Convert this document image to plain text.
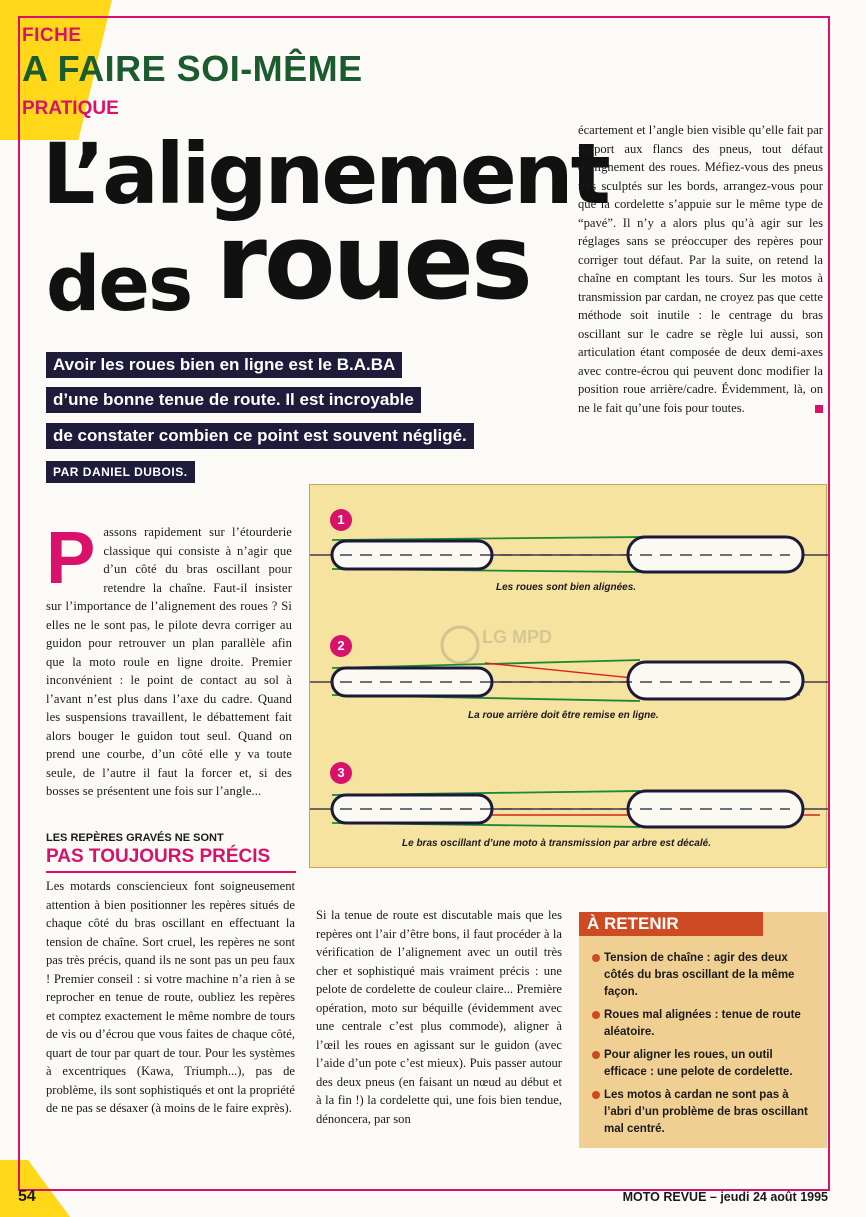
FICHE
A FAIRE SOI-MÊME
PRATIQUE
L’alignement
des roues
Avoir les roues bien en ligne est le B.A.BA
d’une bonne tenue de route. Il est incroyable
de constater combien ce point est souvent négligé.
PAR DANIEL DUBOIS.

écartement et l’angle bien visible qu’elle fait par rapport aux flancs des pneus, tout défaut d’alignement des roues. Méfiez-vous des pneus très sculptés sur les bords, arrangez-vous pour que la cordelette s’appuie sur le même type de “pavé”. Il n’y a alors plus qu’à agir sur les réglages sans se préoccuper des repères pour corriger tout défaut. Par la suite, on retend la chaîne en comptant les tours. Sur les motos à transmission par cardan, ne croyez pas que cette méthode soit inutile : le centrage du bras oscillant sur le cadre se règle lui aussi, son articulation étant composée de deux demi-axes avec contre-écrou qui peuvent donc modifier la position roue arrière/cadre. Évidemment, là, on ne le fait qu’une fois pour toutes.

Passons rapidement sur l’étourderie classique qui consiste à n’agir que d’un côté du bras oscillant pour retendre la chaîne. Faut-il insister sur l’importance de l’alignement des roues ? Si elles ne le sont pas, le pilote devra corriger au guidon pour retrouver un plan parallèle afin que la moto roule en ligne droite. Premier inconvénient : le point de contact au sol à l’avant n’est plus dans l’axe du cadre. Quand les suspensions travaillent, le débattement fait alors bouger le guidon tout seul. Quand on prend une courbe, d’un côté elle y va toute seule, de l’autre il faut la forcer et, si des bosses se présentent une fois sur l’angle...

LES REPÈRES GRAVÉS NE SONT
PAS TOUJOURS PRÉCIS

Les motards consciencieux font soigneusement attention à bien positionner les repères situés de chaque côté du bras oscillant en effectuant la tension de chaîne. Sort cruel, les repères ne sont pas très précis, quand ils ne sont pas un peu faux ! Premier conseil : si votre machine n’a rien à se reprocher en tenue de route, oubliez les repères et comptez exactement le même nombre de tours de vis ou d’écrou que vous faites de chaque côté, quart de tour par quart de tour. Pour les systèmes à excentriques (Kawa, Triumph...), pas de problème, ils sont sophistiqués et ont la propriété de ne pas se désaxer (à moins de le faire exprès).

Si la tenue de route est discutable mais que les repères ont l’air d’être bons, il faut procéder à la vérification de l’alignement avec un outil très cher et sophistiqué mais vraiment précis : une pelote de cordelette de couleur claire... Première opération, moto sur béquille (évidemment avec une centrale c’est plus commode), aligner à l’œil les roues en agissant sur le guidon (avec l’aide d’un pote c’est mieux). Puis passer autour des deux pneus (en faisant un nœud au début et à la fin !) la cordelette qui, une fois bien tendue, dénoncera, par son

LG MPD
1
Les roues sont bien alignées.
2
La roue arrière doit être remise en ligne.
3
Le bras oscillant d’une moto à transmission par arbre est décalé.
À RETENIR
Tension de chaîne : agir des deux côtés du bras oscillant de la même façon.
Roues mal alignées : tenue de route aléatoire.
Pour aligner les roues, un outil efficace : une pelote de cordelette.
Les motos à cardan ne sont pas à l’abri d’un problème de bras oscillant mal centré.
54	MOTO REVUE – jeudi 24 août 1995
